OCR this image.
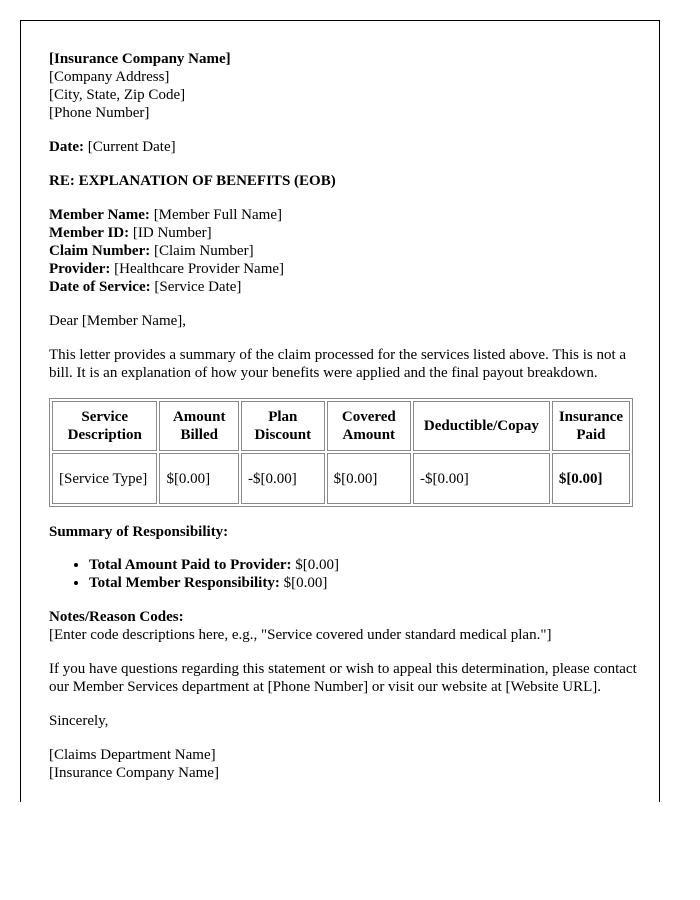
[Insurance Company Name]
[Company Address]
[City, State, Zip Code]
[Phone Number]

Date: [Current Date]

RE: EXPLANATION OF BENEFITS (EOB)

Member Name: [Member Full Name]
Member ID: [ID Number]
Claim Number: [Claim Number]
Provider: [Healthcare Provider Name]
Date of Service: [Service Date]

Dear [Member Name],

This letter provides a summary of the claim processed for the services listed above. This is not a bill. It is an explanation of how your benefits were applied and the final payout breakdown.

Service Description	Amount Billed	Plan Discount	Covered Amount	Deductible/Copay	Insurance Paid
[Service Type]	$[0.00]	-$[0.00]	$[0.00]	-$[0.00]	$[0.00]

Summary of Responsibility:

• Total Amount Paid to Provider: $[0.00]
• Total Member Responsibility: $[0.00]

Notes/Reason Codes:
[Enter code descriptions here, e.g., "Service covered under standard medical plan."]

If you have questions regarding this statement or wish to appeal this determination, please contact our Member Services department at [Phone Number] or visit our website at [Website URL].

Sincerely,

[Claims Department Name]
[Insurance Company Name]
